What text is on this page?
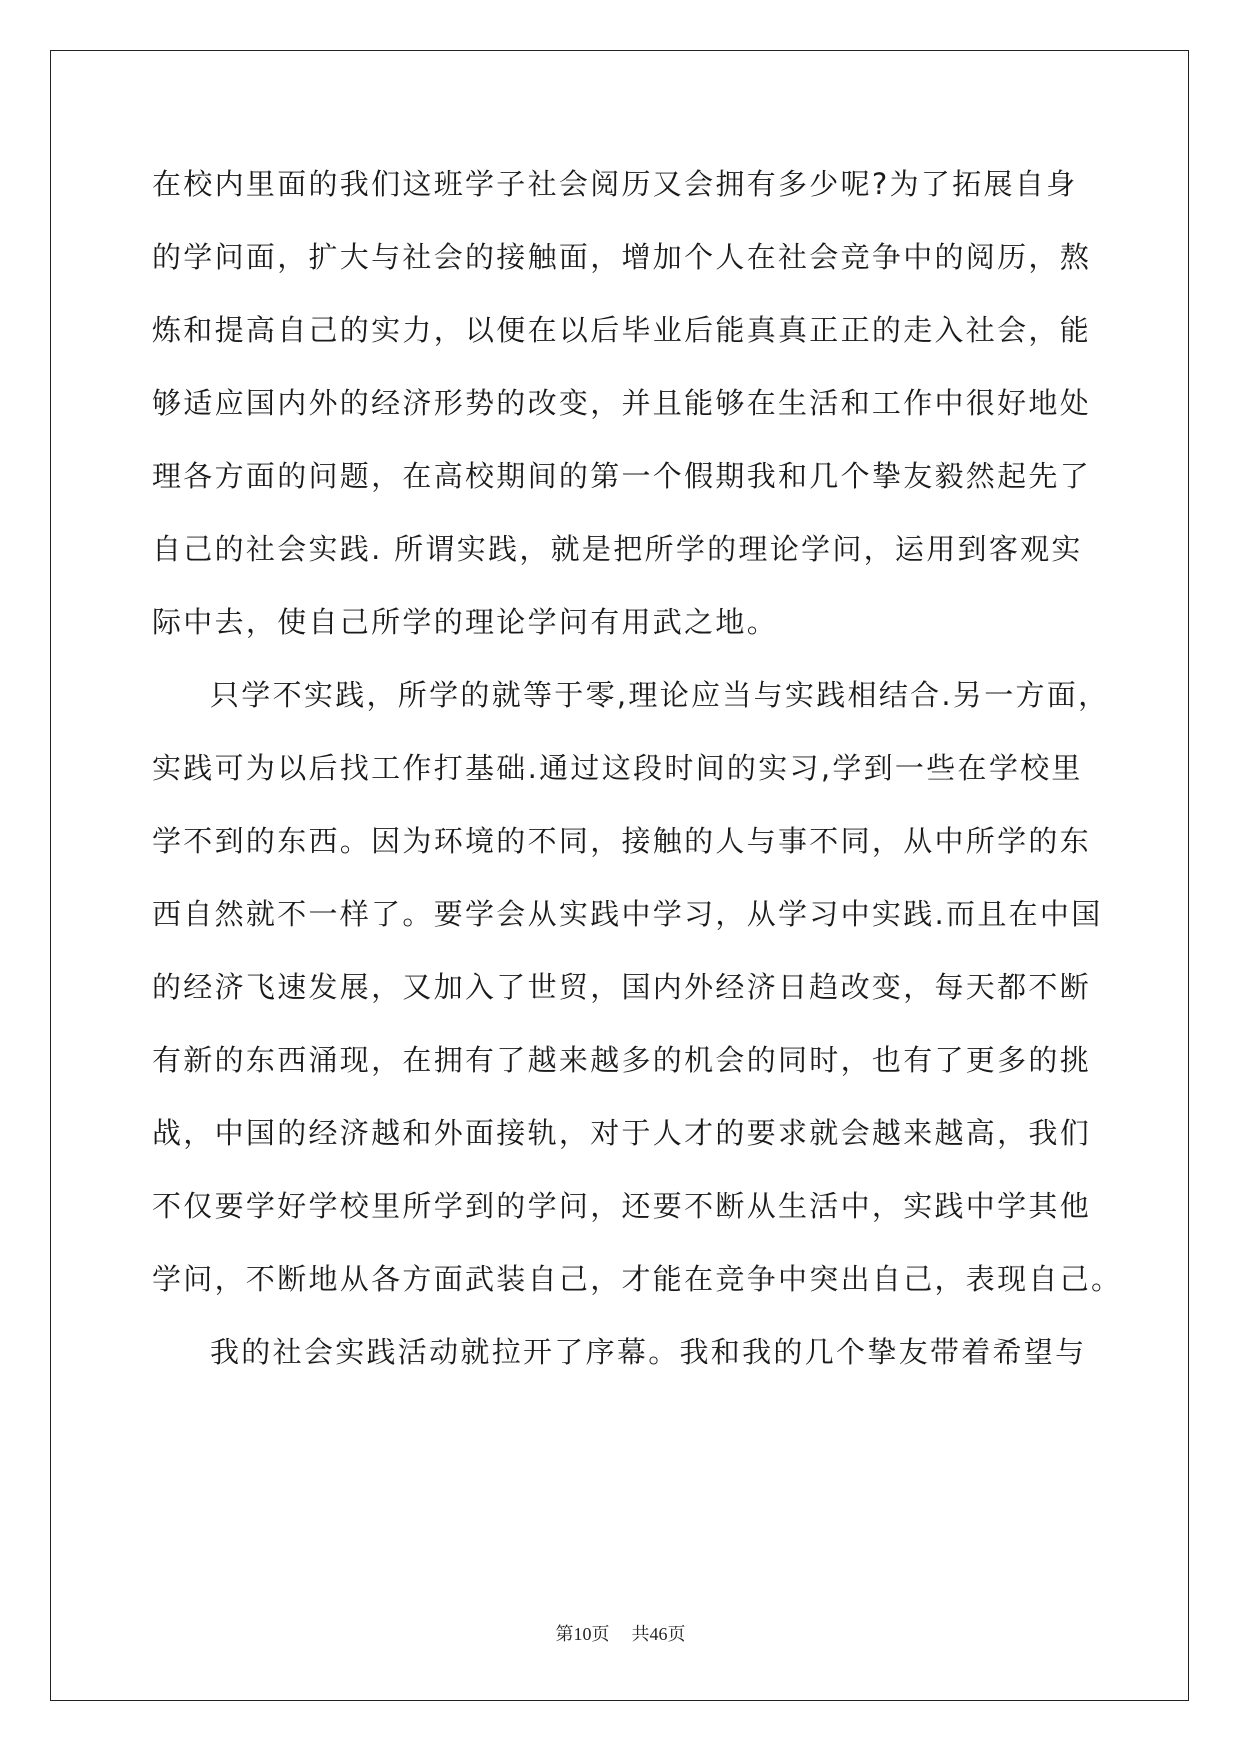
在校内里面的我们这班学子社会阅历又会拥有多少呢?为了拓展自身
的学问面，扩大与社会的接触面，增加个人在社会竞争中的阅历，熬
炼和提高自己的实力，以便在以后毕业后能真真正正的走入社会，能
够适应国内外的经济形势的改变，并且能够在生活和工作中很好地处
理各方面的问题，在高校期间的第一个假期我和几个挚友毅然起先了
自己的社会实践. 所谓实践，就是把所学的理论学问，运用到客观实
际中去，使自己所学的理论学问有用武之地。
只学不实践，所学的就等于零,理论应当与实践相结合.另一方面，
实践可为以后找工作打基础.通过这段时间的实习,学到一些在学校里
学不到的东西。因为环境的不同，接触的人与事不同，从中所学的东
西自然就不一样了。要学会从实践中学习，从学习中实践.而且在中国
的经济飞速发展，又加入了世贸，国内外经济日趋改变，每天都不断
有新的东西涌现，在拥有了越来越多的机会的同时，也有了更多的挑
战，中国的经济越和外面接轨，对于人才的要求就会越来越高，我们
不仅要学好学校里所学到的学问，还要不断从生活中，实践中学其他
学问，不断地从各方面武装自己，才能在竞争中突出自己，表现自己。
我的社会实践活动就拉开了序幕。我和我的几个挚友带着希望与
第10页 共46页
